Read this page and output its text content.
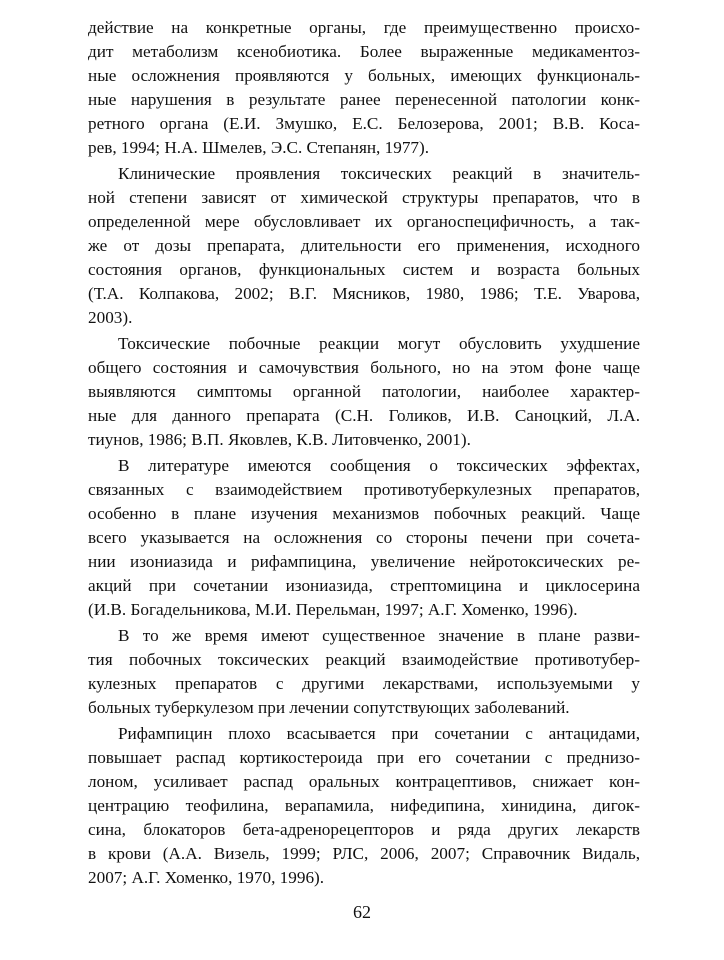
действие на конкретные органы, где преимущественно происхо-
дит метаболизм ксенобиотика. Более выраженные медикаментоз-
ные осложнения проявляются у больных, имеющих функциональ-
ные нарушения в результате ранее перенесенной патологии конк-
ретного органа (Е.И. Змушко, Е.С. Белозерова, 2001; В.В. Коса-
рев, 1994; Н.А. Шмелев, Э.С. Степанян, 1977).
Клинические проявления токсических реакций в значитель-
ной степени зависят от химической структуры препаратов, что в
определенной мере обусловливает их органоспецифичность, а так-
же от дозы препарата, длительности его применения, исходного
состояния органов, функциональных систем и возраста больных
(Т.А. Колпакова, 2002; В.Г. Мясников, 1980, 1986; Т.Е. Уварова,
2003).
Токсические побочные реакции могут обусловить ухудшение
общего состояния и самочувствия больного, но на этом фоне чаще
выявляются симптомы органной патологии, наиболее характер-
ные для данного препарата (С.Н. Голиков, И.В. Саноцкий, Л.А.
тиунов, 1986; В.П. Яковлев, К.В. Литовченко, 2001).
В литературе имеются сообщения о токсических эффектах,
связанных с взаимодействием противотуберкулезных препаратов,
особенно в плане изучения механизмов побочных реакций. Чаще
всего указывается на осложнения со стороны печени при сочета-
нии изониазида и рифампицина, увеличение нейротоксических ре-
акций при сочетании изониазида, стрептомицина и циклосерина
(И.В. Богадельникова, М.И. Перельман, 1997; А.Г. Хоменко, 1996).
В то же время имеют существенное значение в плане разви-
тия побочных токсических реакций взаимодействие противотубер-
кулезных препаратов с другими лекарствами, используемыми у
больных туберкулезом при лечении сопутствующих заболеваний.
Рифампицин плохо всасывается при сочетании с антацидами,
повышает распад кортикостероида при его сочетании с преднизо-
лоном, усиливает распад оральных контрацептивов, снижает кон-
центрацию теофилина, верапамила, нифедипина, хинидина, дигок-
сина, блокаторов бета-адренорецепторов и ряда других лекарств
в крови (А.А. Визель, 1999; РЛС, 2006, 2007; Справочник Видаль,
2007; А.Г. Хоменко, 1970, 1996).
62
